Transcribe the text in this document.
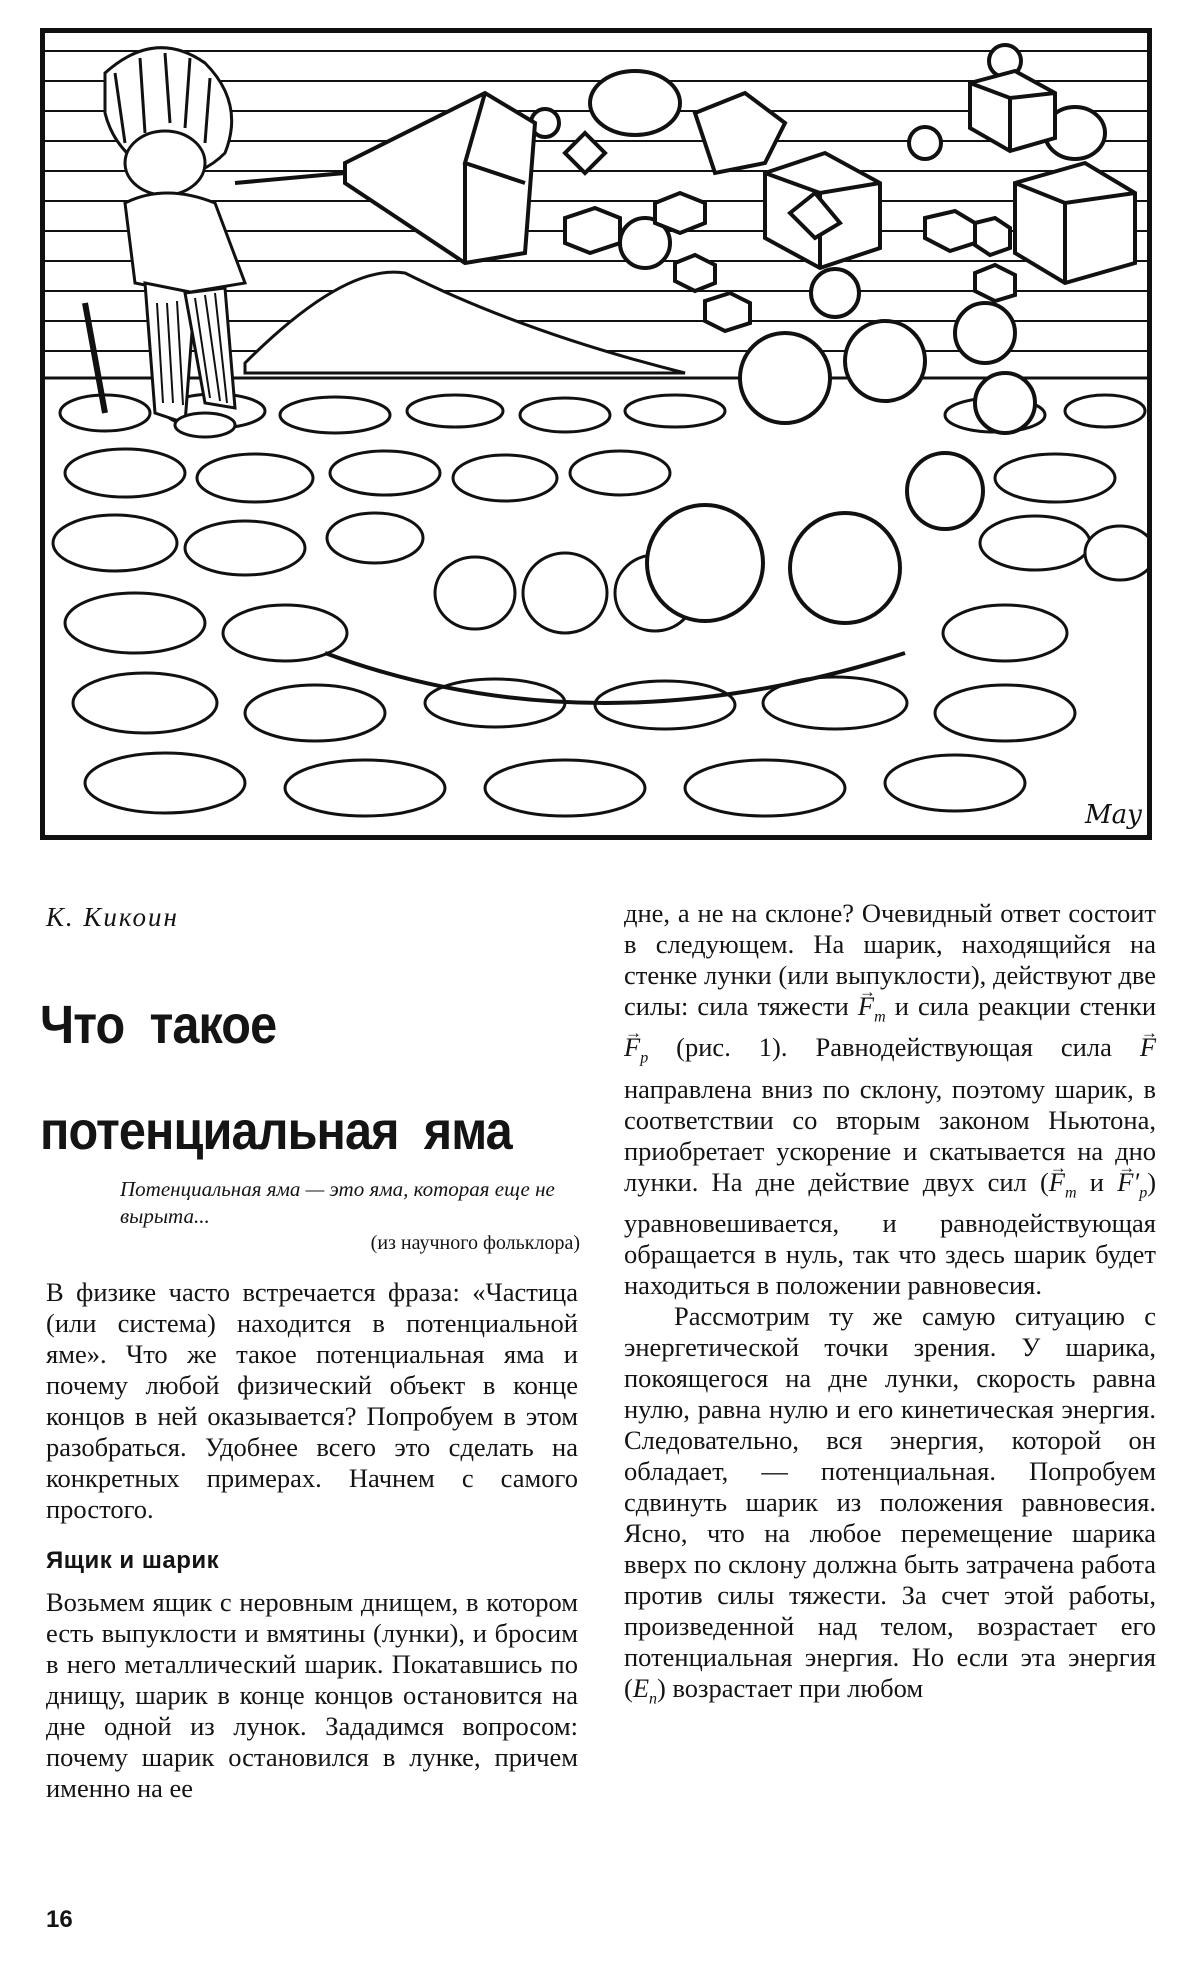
Мау
К. Кикоин
Что такое потенциальная яма
Потенциальная яма — это яма, которая еще не вырыта...
(из научного фольклора)

В физике часто встречается фраза: «Частица (или система) находится в потенциальной яме». Что же такое потенциальная яма и почему любой физический объект в конце концов в ней оказывается? Попробуем в этом разобраться. Удобнее всего это сделать на конкретных примерах. Начнем с самого простого.

Ящик и шарик

Возьмем ящик с неровным днищем, в котором есть выпуклости и вмятины (лунки), и бросим в него металлический шарик. Покатавшись по днищу, шарик в конце концов остановится на дне одной из лунок. Зададимся вопросом: почему шарик остановился в лунке, причем именно на ее

дне, а не на склоне? Очевидный ответ состоит в следующем. На шарик, находящийся на стенке лунки (или выпуклости), действуют две силы: сила тяжести → $F_т$ и сила реакции стенки → $F_р$ (рис. 1). Равнодействующая сила → F направлена вниз по склону, поэтому шарик, в соответствии со вторым законом Ньютона, приобретает ускорение и скатывается на дно лунки. На дне действие двух сил (→ $F_т$ $и \to F'_р$) уравновешивается, и равнодействующая обращается в нуль, так что здесь шарик будет находиться в положении равновесия.

Рассмотрим ту же самую ситуацию с энергетической точки зрения. У шарика, покоящегося на дне лунки, скорость равна нулю, равна нулю и его кинетическая энергия. Следовательно, вся энергия, которой он обладает, — потенциальная. Попробуем сдвинуть шарик из положения равновесия. Ясно, что на любое перемещение шарика вверх по склону должна быть затрачена работа против силы тяжести. За счет этой работы, произведенной над телом, возрастает его потенциальная энергия. Но если эта энергия $(E_п)$ возрастает при любом

16
